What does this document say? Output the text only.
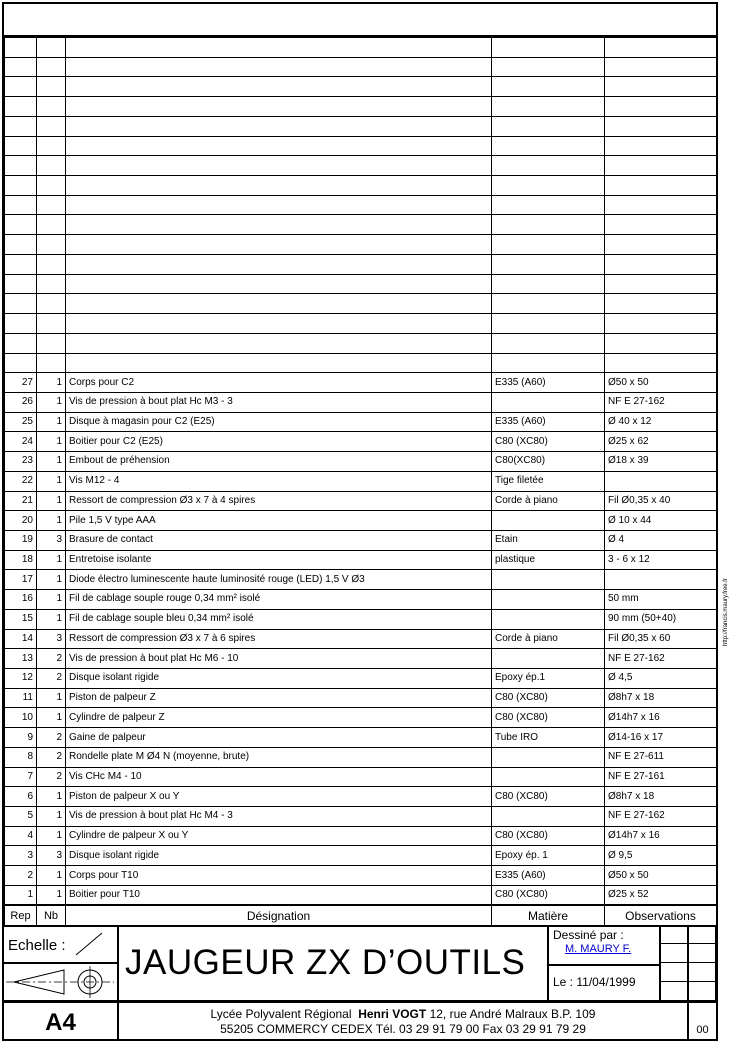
27	1	Corps pour C2	E335 (A60)	Ø50 x 50
26	1	Vis de pression à bout plat Hc M3 - 3		NF E 27-162
25	1	Disque à magasin pour C2 (E25)	E335 (A60)	Ø 40 x 12
24	1	Boitier pour C2 (E25)	C80 (XC80)	Ø25 x 62
23	1	Embout de préhension	C80(XC80)	Ø18 x 39
22	1	Vis M12 - 4	Tige filetée	
21	1	Ressort de compression Ø3 x 7 à 4 spires	Corde à piano	Fil Ø0,35 x 40
20	1	Pile 1,5 V type AAA		Ø 10 x 44
19	3	Brasure de contact	Etain	Ø 4
18	1	Entretoise isolante	plastique	3 - 6 x 12
17	1	Diode électro luminescente haute luminosité rouge (LED) 1,5 V Ø3		
16	1	Fil de cablage souple rouge 0,34 mm² isolé		50 mm
15	1	Fil de cablage souple bleu 0,34 mm² isolé		90 mm (50+40)
14	3	Ressort de compression Ø3 x 7 à 6 spires	Corde à piano	Fil Ø0,35 x 60
13	2	Vis de pression à bout plat Hc M6 - 10		NF E 27-162
12	2	Disque isolant rigide	Epoxy ép.1	Ø 4,5
11	1	Piston de palpeur Z	C80 (XC80)	Ø8h7 x 18
10	1	Cylindre de palpeur Z	C80 (XC80)	Ø14h7 x 16
9	2	Gaine de palpeur	Tube IRO	Ø14-16 x 17
8	2	Rondelle plate M Ø4 N (moyenne, brute)		NF E 27-611
7	2	Vis CHc M4 - 10		NF E 27-161
6	1	Piston de palpeur X ou Y	C80 (XC80)	Ø8h7 x 18
5	1	Vis de pression à bout plat Hc M4 - 3		NF E 27-162
4	1	Cylindre de palpeur X ou Y	C80 (XC80)	Ø14h7 x 16
3	3	Disque isolant rigide	Epoxy ép. 1	Ø 9,5
2	1	Corps pour T10	E335 (A60)	Ø50 x 50
1	1	Boitier pour T10	C80 (XC80)	Ø25 x 52
Rep	Nb	Désignation	Matière	Observations
Echelle :
A4
JAUGEUR ZX D’OUTILS
Dessiné par :
M. MAURY F.
Le : 11/04/1999
Lycée Polyvalent Régional Henri VOGT 12, rue André Malraux B.P. 109
55205 COMMERCY CEDEX Tél. 03 29 91 79 00 Fax 03 29 91 79 29	00
http://francis.maury.free.fr
